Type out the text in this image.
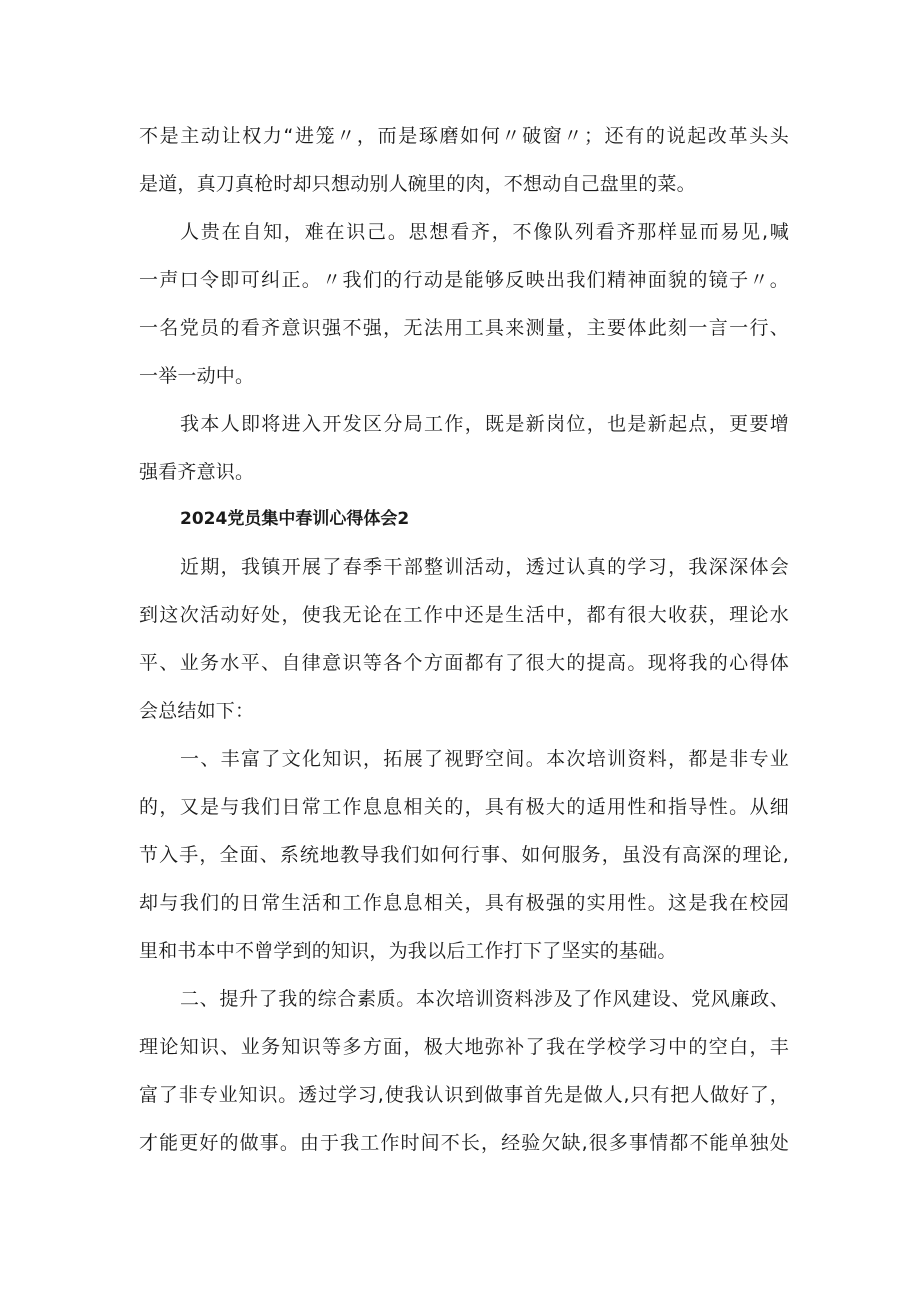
不是主动让权力“进笼〃，而是琢磨如何〃破窗〃；还有的说起改革头头
是道，真刀真枪时却只想动别人碗里的肉，不想动自己盘里的菜。
人贵在自知，难在识己。思想看齐，不像队列看齐那样显而易见,喊
一声口令即可纠正。〃我们的行动是能够反映出我们精神面貌的镜子〃。
一名党员的看齐意识强不强，无法用工具来测量，主要体此刻一言一行、
一举一动中。
我本人即将进入开发区分局工作，既是新岗位，也是新起点，更要增
强看齐意识。
2024党员集中春训心得体会2
近期，我镇开展了春季干部整训活动，透过认真的学习，我深深体会
到这次活动好处，使我无论在工作中还是生活中，都有很大收获，理论水
平、业务水平、自律意识等各个方面都有了很大的提高。现将我的心得体
会总结如下：
一、丰富了文化知识，拓展了视野空间。本次培训资料，都是非专业
的，又是与我们日常工作息息相关的，具有极大的适用性和指导性。从细
节入手，全面、系统地教导我们如何行事、如何服务，虽没有高深的理论,
却与我们的日常生活和工作息息相关，具有极强的实用性。这是我在校园
里和书本中不曾学到的知识，为我以后工作打下了坚实的基础。
二、提升了我的综合素质。本次培训资料涉及了作风建设、党风廉政、
理论知识、业务知识等多方面，极大地弥补了我在学校学习中的空白，丰
富了非专业知识。透过学习,使我认识到做事首先是做人,只有把人做好了，
才能更好的做事。由于我工作时间不长，经验欠缺,很多事情都不能单独处
